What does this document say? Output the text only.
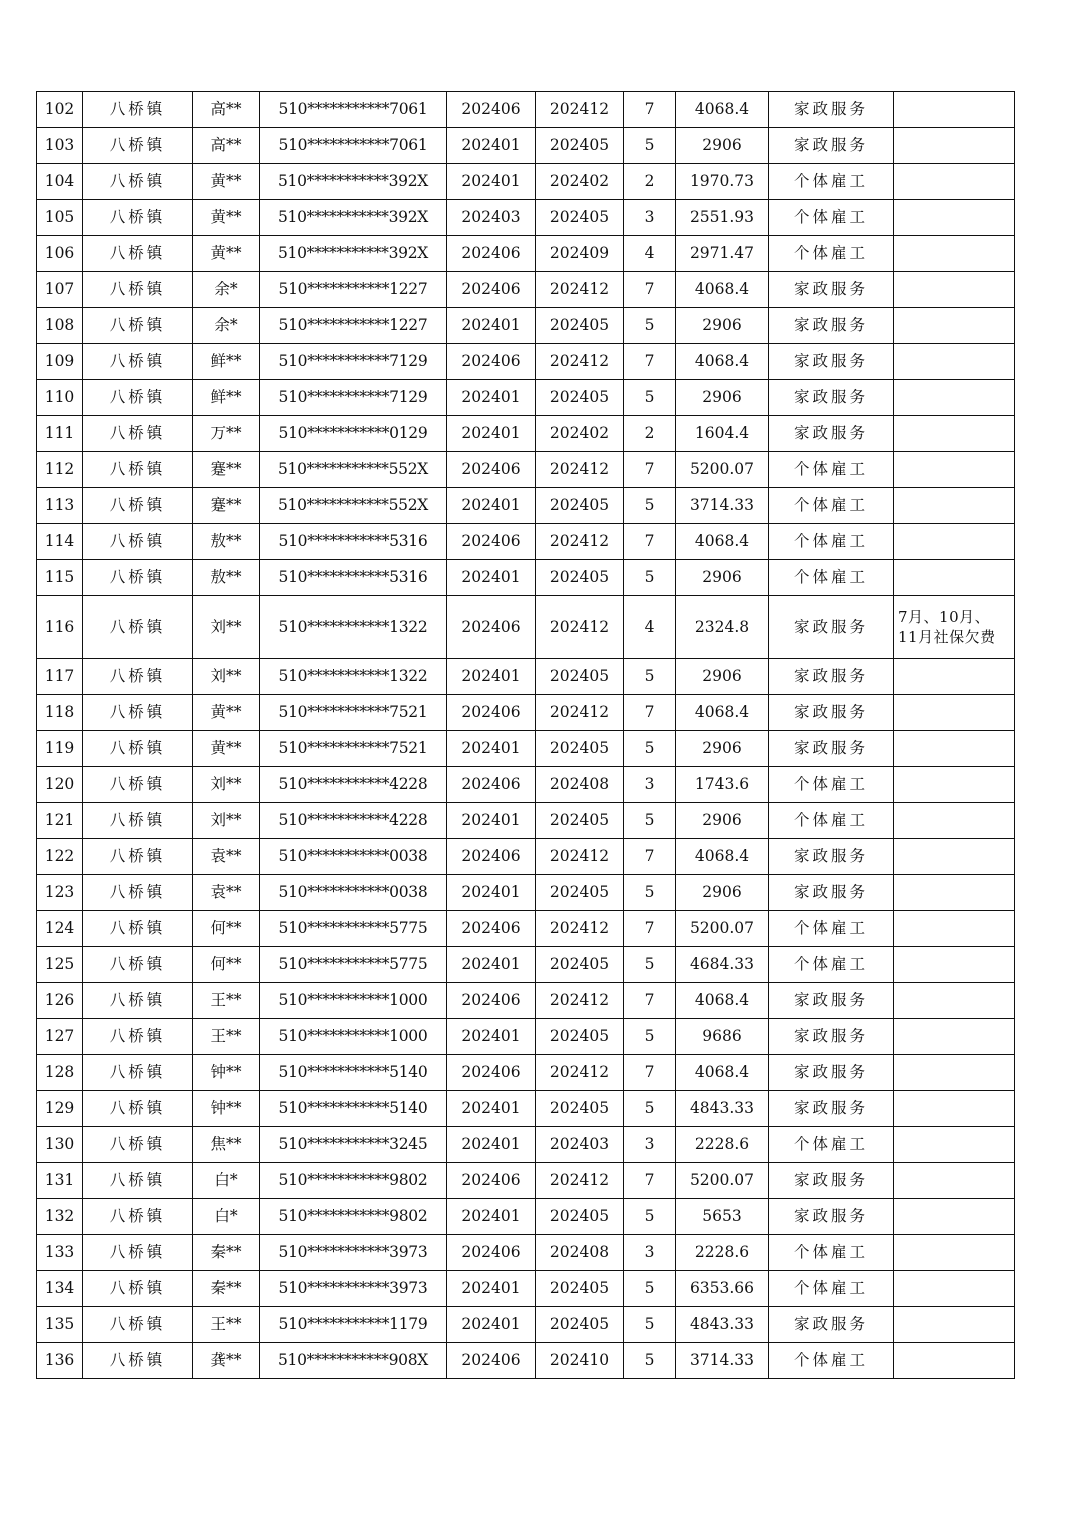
102	八桥镇	高**	510***********7061	202406	202412	7	4068.4	家政服务	
103	八桥镇	高**	510***********7061	202401	202405	5	2906	家政服务	
104	八桥镇	黄**	510***********392X	202401	202402	2	1970.73	个体雇工	
105	八桥镇	黄**	510***********392X	202403	202405	3	2551.93	个体雇工	
106	八桥镇	黄**	510***********392X	202406	202409	4	2971.47	个体雇工	
107	八桥镇	余*	510***********1227	202406	202412	7	4068.4	家政服务	
108	八桥镇	余*	510***********1227	202401	202405	5	2906	家政服务	
109	八桥镇	鲜**	510***********7129	202406	202412	7	4068.4	家政服务	
110	八桥镇	鲜**	510***********7129	202401	202405	5	2906	家政服务	
111	八桥镇	万**	510***********0129	202401	202402	2	1604.4	家政服务	
112	八桥镇	蹇**	510***********552X	202406	202412	7	5200.07	个体雇工	
113	八桥镇	蹇**	510***********552X	202401	202405	5	3714.33	个体雇工	
114	八桥镇	敖**	510***********5316	202406	202412	7	4068.4	个体雇工	
115	八桥镇	敖**	510***********5316	202401	202405	5	2906	个体雇工	
116	八桥镇	刘**	510***********1322	202406	202412	4	2324.8	家政服务	7月、10月、11月社保欠费
117	八桥镇	刘**	510***********1322	202401	202405	5	2906	家政服务	
118	八桥镇	黄**	510***********7521	202406	202412	7	4068.4	家政服务	
119	八桥镇	黄**	510***********7521	202401	202405	5	2906	家政服务	
120	八桥镇	刘**	510***********4228	202406	202408	3	1743.6	个体雇工	
121	八桥镇	刘**	510***********4228	202401	202405	5	2906	个体雇工	
122	八桥镇	袁**	510***********0038	202406	202412	7	4068.4	家政服务	
123	八桥镇	袁**	510***********0038	202401	202405	5	2906	家政服务	
124	八桥镇	何**	510***********5775	202406	202412	7	5200.07	个体雇工	
125	八桥镇	何**	510***********5775	202401	202405	5	4684.33	个体雇工	
126	八桥镇	王**	510***********1000	202406	202412	7	4068.4	家政服务	
127	八桥镇	王**	510***********1000	202401	202405	5	9686	家政服务	
128	八桥镇	钟**	510***********5140	202406	202412	7	4068.4	家政服务	
129	八桥镇	钟**	510***********5140	202401	202405	5	4843.33	家政服务	
130	八桥镇	焦**	510***********3245	202401	202403	3	2228.6	个体雇工	
131	八桥镇	白*	510***********9802	202406	202412	7	5200.07	家政服务	
132	八桥镇	白*	510***********9802	202401	202405	5	5653	家政服务	
133	八桥镇	秦**	510***********3973	202406	202408	3	2228.6	个体雇工	
134	八桥镇	秦**	510***********3973	202401	202405	5	6353.66	个体雇工	
135	八桥镇	王**	510***********1179	202401	202405	5	4843.33	家政服务	
136	八桥镇	龚**	510***********908X	202406	202410	5	3714.33	个体雇工	
